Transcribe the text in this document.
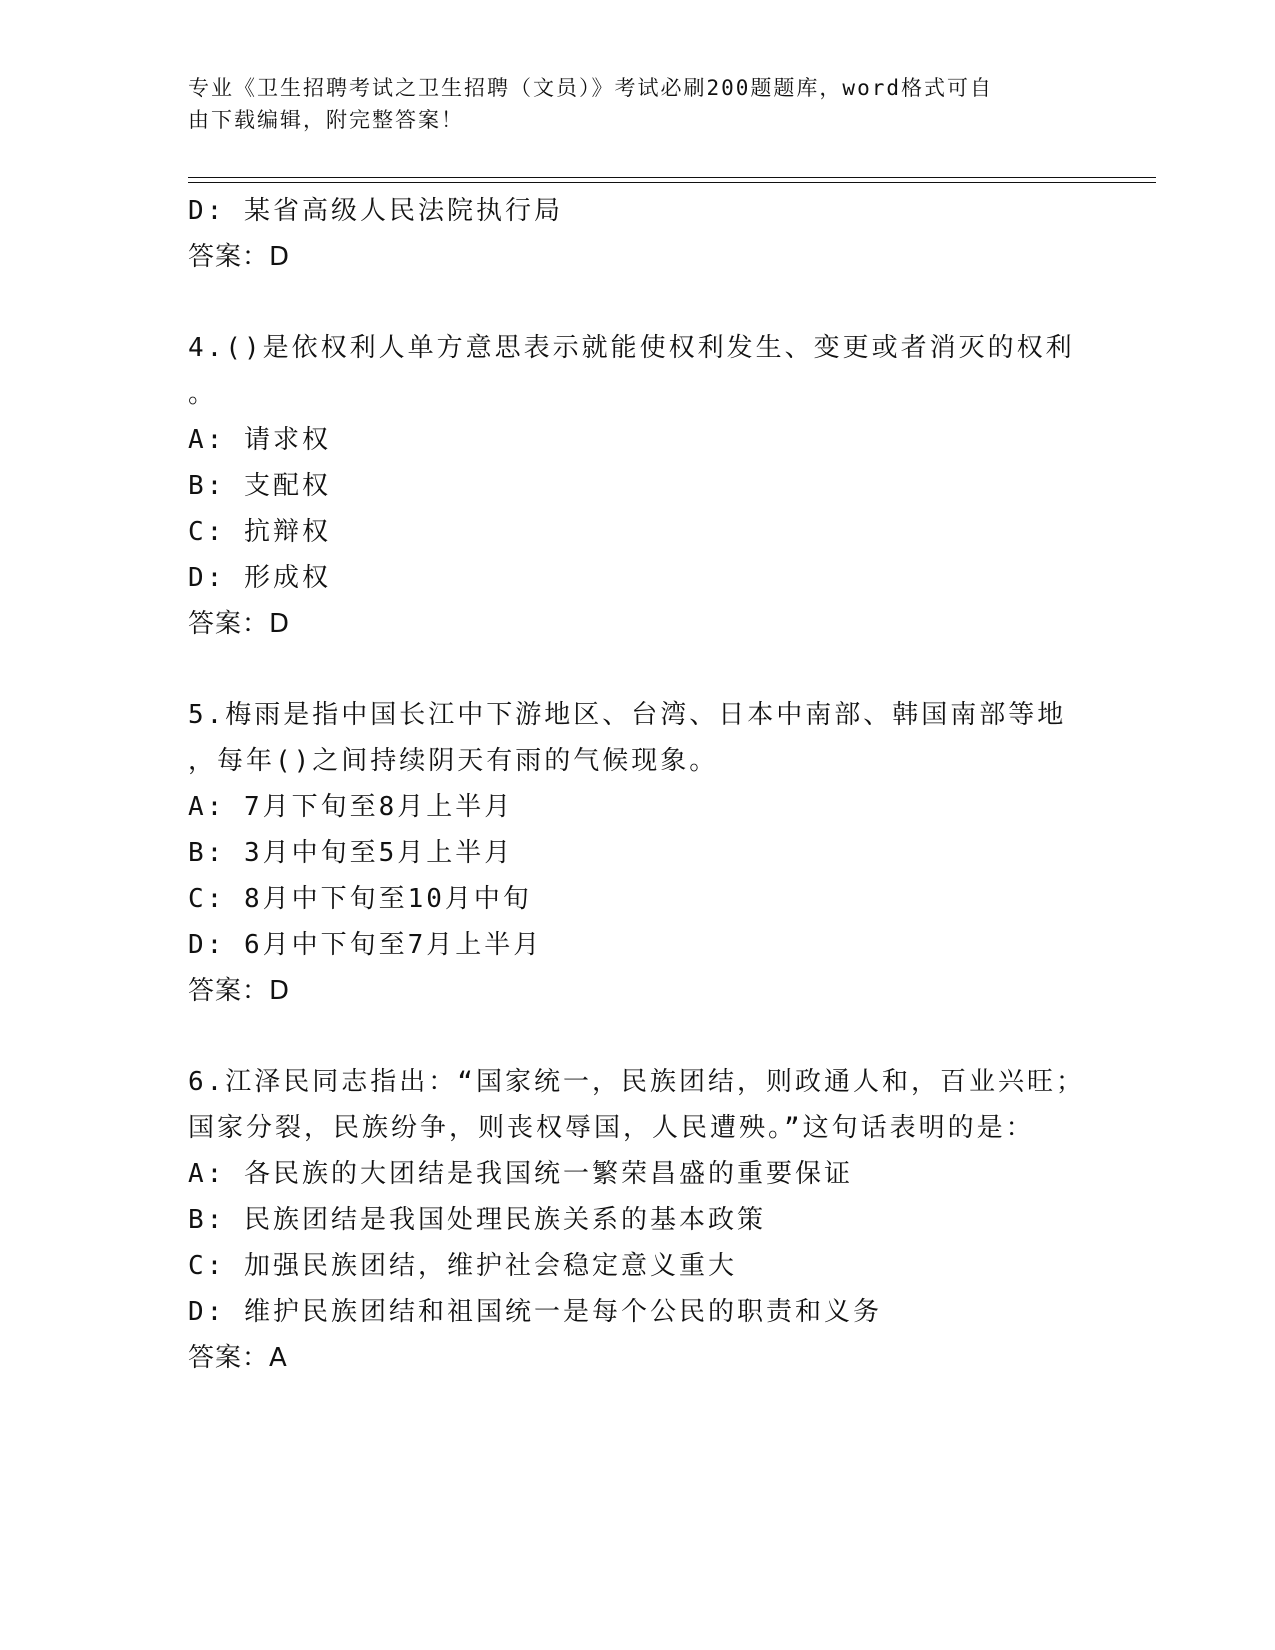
专业《卫生招聘考试之卫生招聘（文员）》考试必刷200题题库，word格式可自
由下载编辑，附完整答案！
D: 某省高级人民法院执行局
答案：D
4.()是依权利人单方意思表示就能使权利发生、变更或者消灭的权利
。
A: 请求权
B: 支配权
C: 抗辩权
D: 形成权
答案：D
5.梅雨是指中国长江中下游地区、台湾、日本中南部、韩国南部等地
，每年()之间持续阴天有雨的气候现象。
A: 7月下旬至8月上半月
B: 3月中旬至5月上半月
C: 8月中下旬至10月中旬
D: 6月中下旬至7月上半月
答案：D
6.江泽民同志指出：“国家统一，民族团结，则政通人和，百业兴旺；
国家分裂，民族纷争，则丧权辱国，人民遭殃。”这句话表明的是：
A: 各民族的大团结是我国统一繁荣昌盛的重要保证
B: 民族团结是我国处理民族关系的基本政策
C: 加强民族团结，维护社会稳定意义重大
D: 维护民族团结和祖国统一是每个公民的职责和义务
答案：A
